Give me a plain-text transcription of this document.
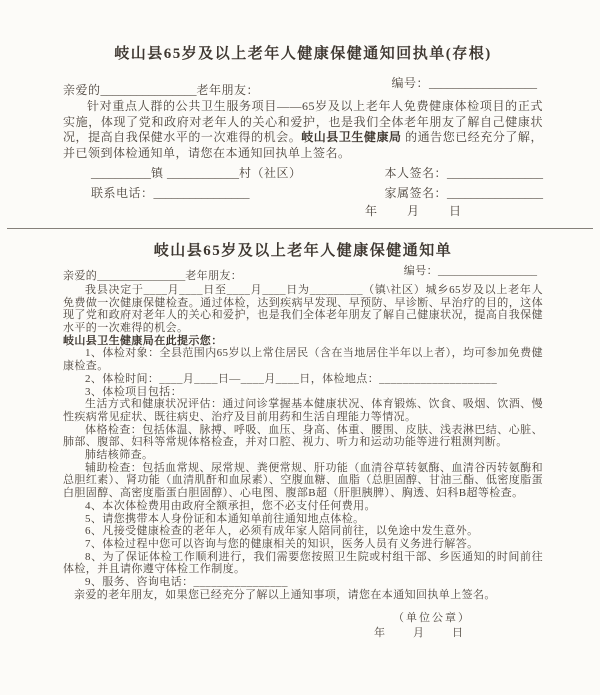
岐山县65岁及以上老年人健康保健通知回执单(存根)
编号：__________________
亲爱的________________老年朋友：
针对重点人群的公共卫生服务项目——65岁及以上老年人免费健康体检项目的正式实施，体现了党和政府对老年人的关心和爱护，也是我们全体老年朋友了解自己健康状况，提高自我保健水平的一次难得的机会。岐山县卫生健康局 的通告您已经充分了解，并已领到体检通知单，请您在本通知回执单上签名。
__________镇 ____________村（社区）	本人签名：________________
联系电话：________________	家属签名：________________
年　　月　　日
岐山县65岁及以上老年人健康保健通知单
编号：__________________
亲爱的________________老年朋友：
我县决定于____月____日至____月____日为_________（镇\社区）城乡65岁及以上老年人免费做一次健康保健检查。通过体检，达到疾病早发现、早预防、早诊断、早治疗的目的，这体现了党和政府对老年人的关心和爱护，也是我们全体老年朋友了解自己健康状况，提高自我保健水平的一次难得的机会。
岐山县卫生健康局在此提示您：
1、体检对象：全县范围内65岁以上常住居民（含在当地居住半年以上者），均可参加免费健康检查。
2、体检时间：____月____日—____月____日，体检地点：____________________
3、体检项目包括：
生活方式和健康状况评估：通过问诊掌握基本健康状况、体育锻炼、饮食、吸烟、饮酒、慢性疾病常见症状、既往病史、治疗及目前用药和生活自理能力等情况。
体格检查：包括体温、脉搏、呼吸、血压、身高、体重、腰围、皮肤、浅表淋巴结、心脏、肺部、腹部、妇科等常规体格检查，并对口腔、视力、听力和运动功能等进行粗测判断。
肺结核筛查。
辅助检查：包括血常规、尿常规、粪便常规、肝功能（血清谷草转氨酶、血清谷丙转氨酶和总胆红素）、肾功能（血清肌酐和血尿素）、空腹血糖、血脂（总胆固醇、甘油三酯、低密度脂蛋白胆固醇、高密度脂蛋白胆固醇）、心电图、腹部B超（肝胆胰脾）、胸透、妇科B超等检查。
4、本次体检费用由政府全额承担，您不必支付任何费用。
5、请您携带本人身份证和本通知单前往通知地点体检。
6、凡接受健康检查的老年人，必须有成年家人陪同前往，以免途中发生意外。
7、体检过程中您可以咨询与您的健康相关的知识，医务人员有义务进行解答。
8、为了保证体检工作顺利进行，我们需要您按照卫生院或村组干部、乡医通知的时间前往体检，并且请你遵守体检工作制度。
9、服务、咨询电话：________________
亲爱的老年朋友，如果您已经充分了解以上通知事项，请您在本通知回执单上签名。
（单位公章）
年　　月　　日
